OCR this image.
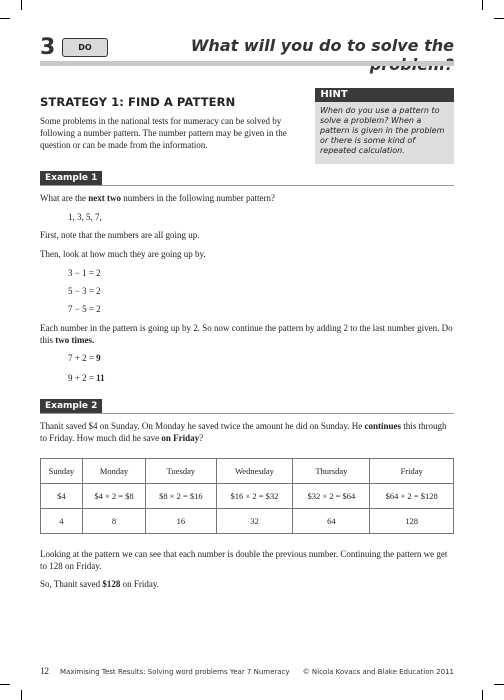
3	DO	What will you do to solve the
STRATEGY 1: FIND A PATTERN
Some problems in the national tests for numeracy can be solved by following a number pattern. The number pattern may be given in the question or can be made from the information.
HINT
When do you use a pattern to solve a problem? When a pattern is given in the problem or there is some kind of repeated calculation.
Example 1
What are the next two numbers in the following number pattern?
1, 3, 5, 7,
First, note that the numbers are all going up.
Then, look at how much they are going up by.
3 − 1 = 2
5 − 3 = 2
7 − 5 = 2
Each number in the pattern is going up by 2. So now continue the pattern by adding 2 to the last number given. Do this two times.
7 + 2 = 9
9 + 2 = 11
Example 2
Thanit saved $4 on Sunday. On Monday he saved twice the amount he did on Sunday. He continues this through to Friday. How much did he save on Friday?
Sunday	Monday	Tuesday	Wednesday	Thursday	Friday
$4	$4 × 2 = $8	$8 × 2 = $16	$16 × 2 = $32	$32 × 2 = $64	$64 × 2 = $128
4	8	16	32	64	128
Looking at the pattern we can see that each number is double the previous number. Continuing the pattern we get to 128 on Friday.
So, Thanit saved $128 on Friday.
12 Maximising Test Results: Solving word problems Year 7 Numeracy	© Nicola Kovacs and Blake Education 2011
